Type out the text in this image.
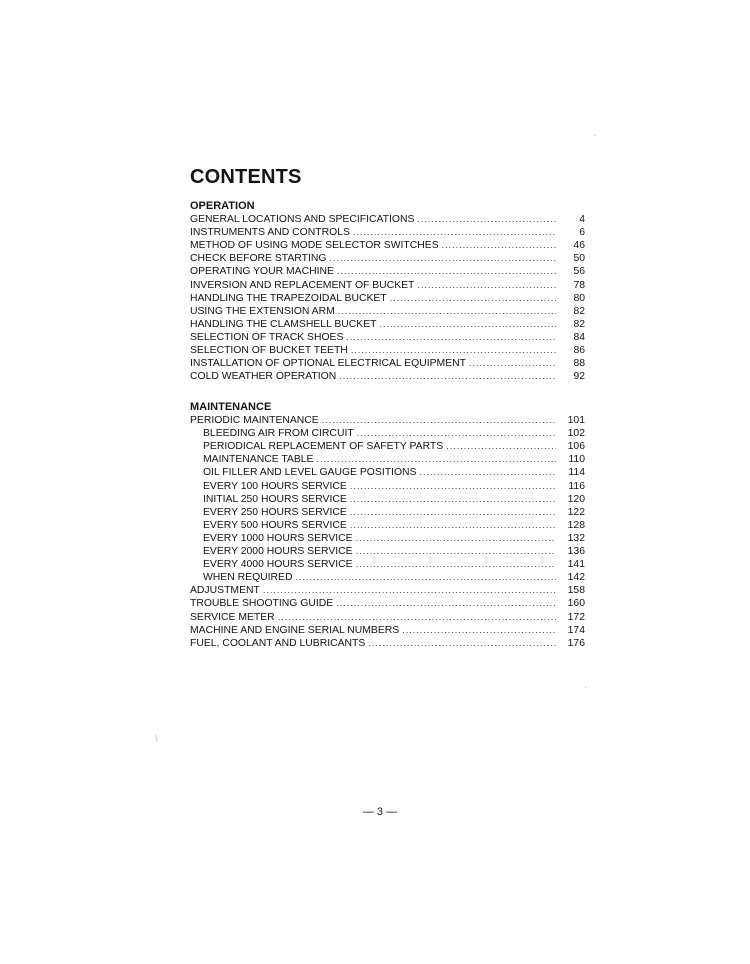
CONTENTS
OPERATION
GENERAL LOCATIONS AND SPECIFICATIONS .....	4
INSTRUMENTS AND CONTROLS .....	6
METHOD OF USING MODE SELECTOR SWITCHES .....	46
CHECK BEFORE STARTING .....	50
OPERATING YOUR MACHINE .....	56
INVERSION AND REPLACEMENT OF BUCKET .....	78
HANDLING THE TRAPEZOIDAL BUCKET .....	80
USING THE EXTENSION ARM .....	82
HANDLING THE CLAMSHELL BUCKET .....	82
SELECTION OF TRACK SHOES .....	84
SELECTION OF BUCKET TEETH .....	86
INSTALLATION OF OPTIONAL ELECTRICAL EQUIPMENT .....	88
COLD WEATHER OPERATION .....	92
MAINTENANCE
PERIODIC MAINTENANCE .....	101
BLEEDING AIR FROM CIRCUIT .....	102
PERIODICAL REPLACEMENT OF SAFETY PARTS .....	106
MAINTENANCE TABLE .....	110
OIL FILLER AND LEVEL GAUGE POSITIONS .....	114
EVERY 100 HOURS SERVICE .....	116
INITIAL 250 HOURS SERVICE .....	120
EVERY 250 HOURS SERVICE .....	122
EVERY 500 HOURS SERVICE .....	128
EVERY 1000 HOURS SERVICE .....	132
EVERY 2000 HOURS SERVICE .....	136
EVERY 4000 HOURS SERVICE .....	141
WHEN REQUIRED .....	142
ADJUSTMENT .....	158
TROUBLE SHOOTING GUIDE .....	160
SERVICE METER .....	172
MACHINE AND ENGINE SERIAL NUMBERS .....	174
FUEL, COOLANT AND LUBRICANTS .....	176
— 3 —
·
·
\
